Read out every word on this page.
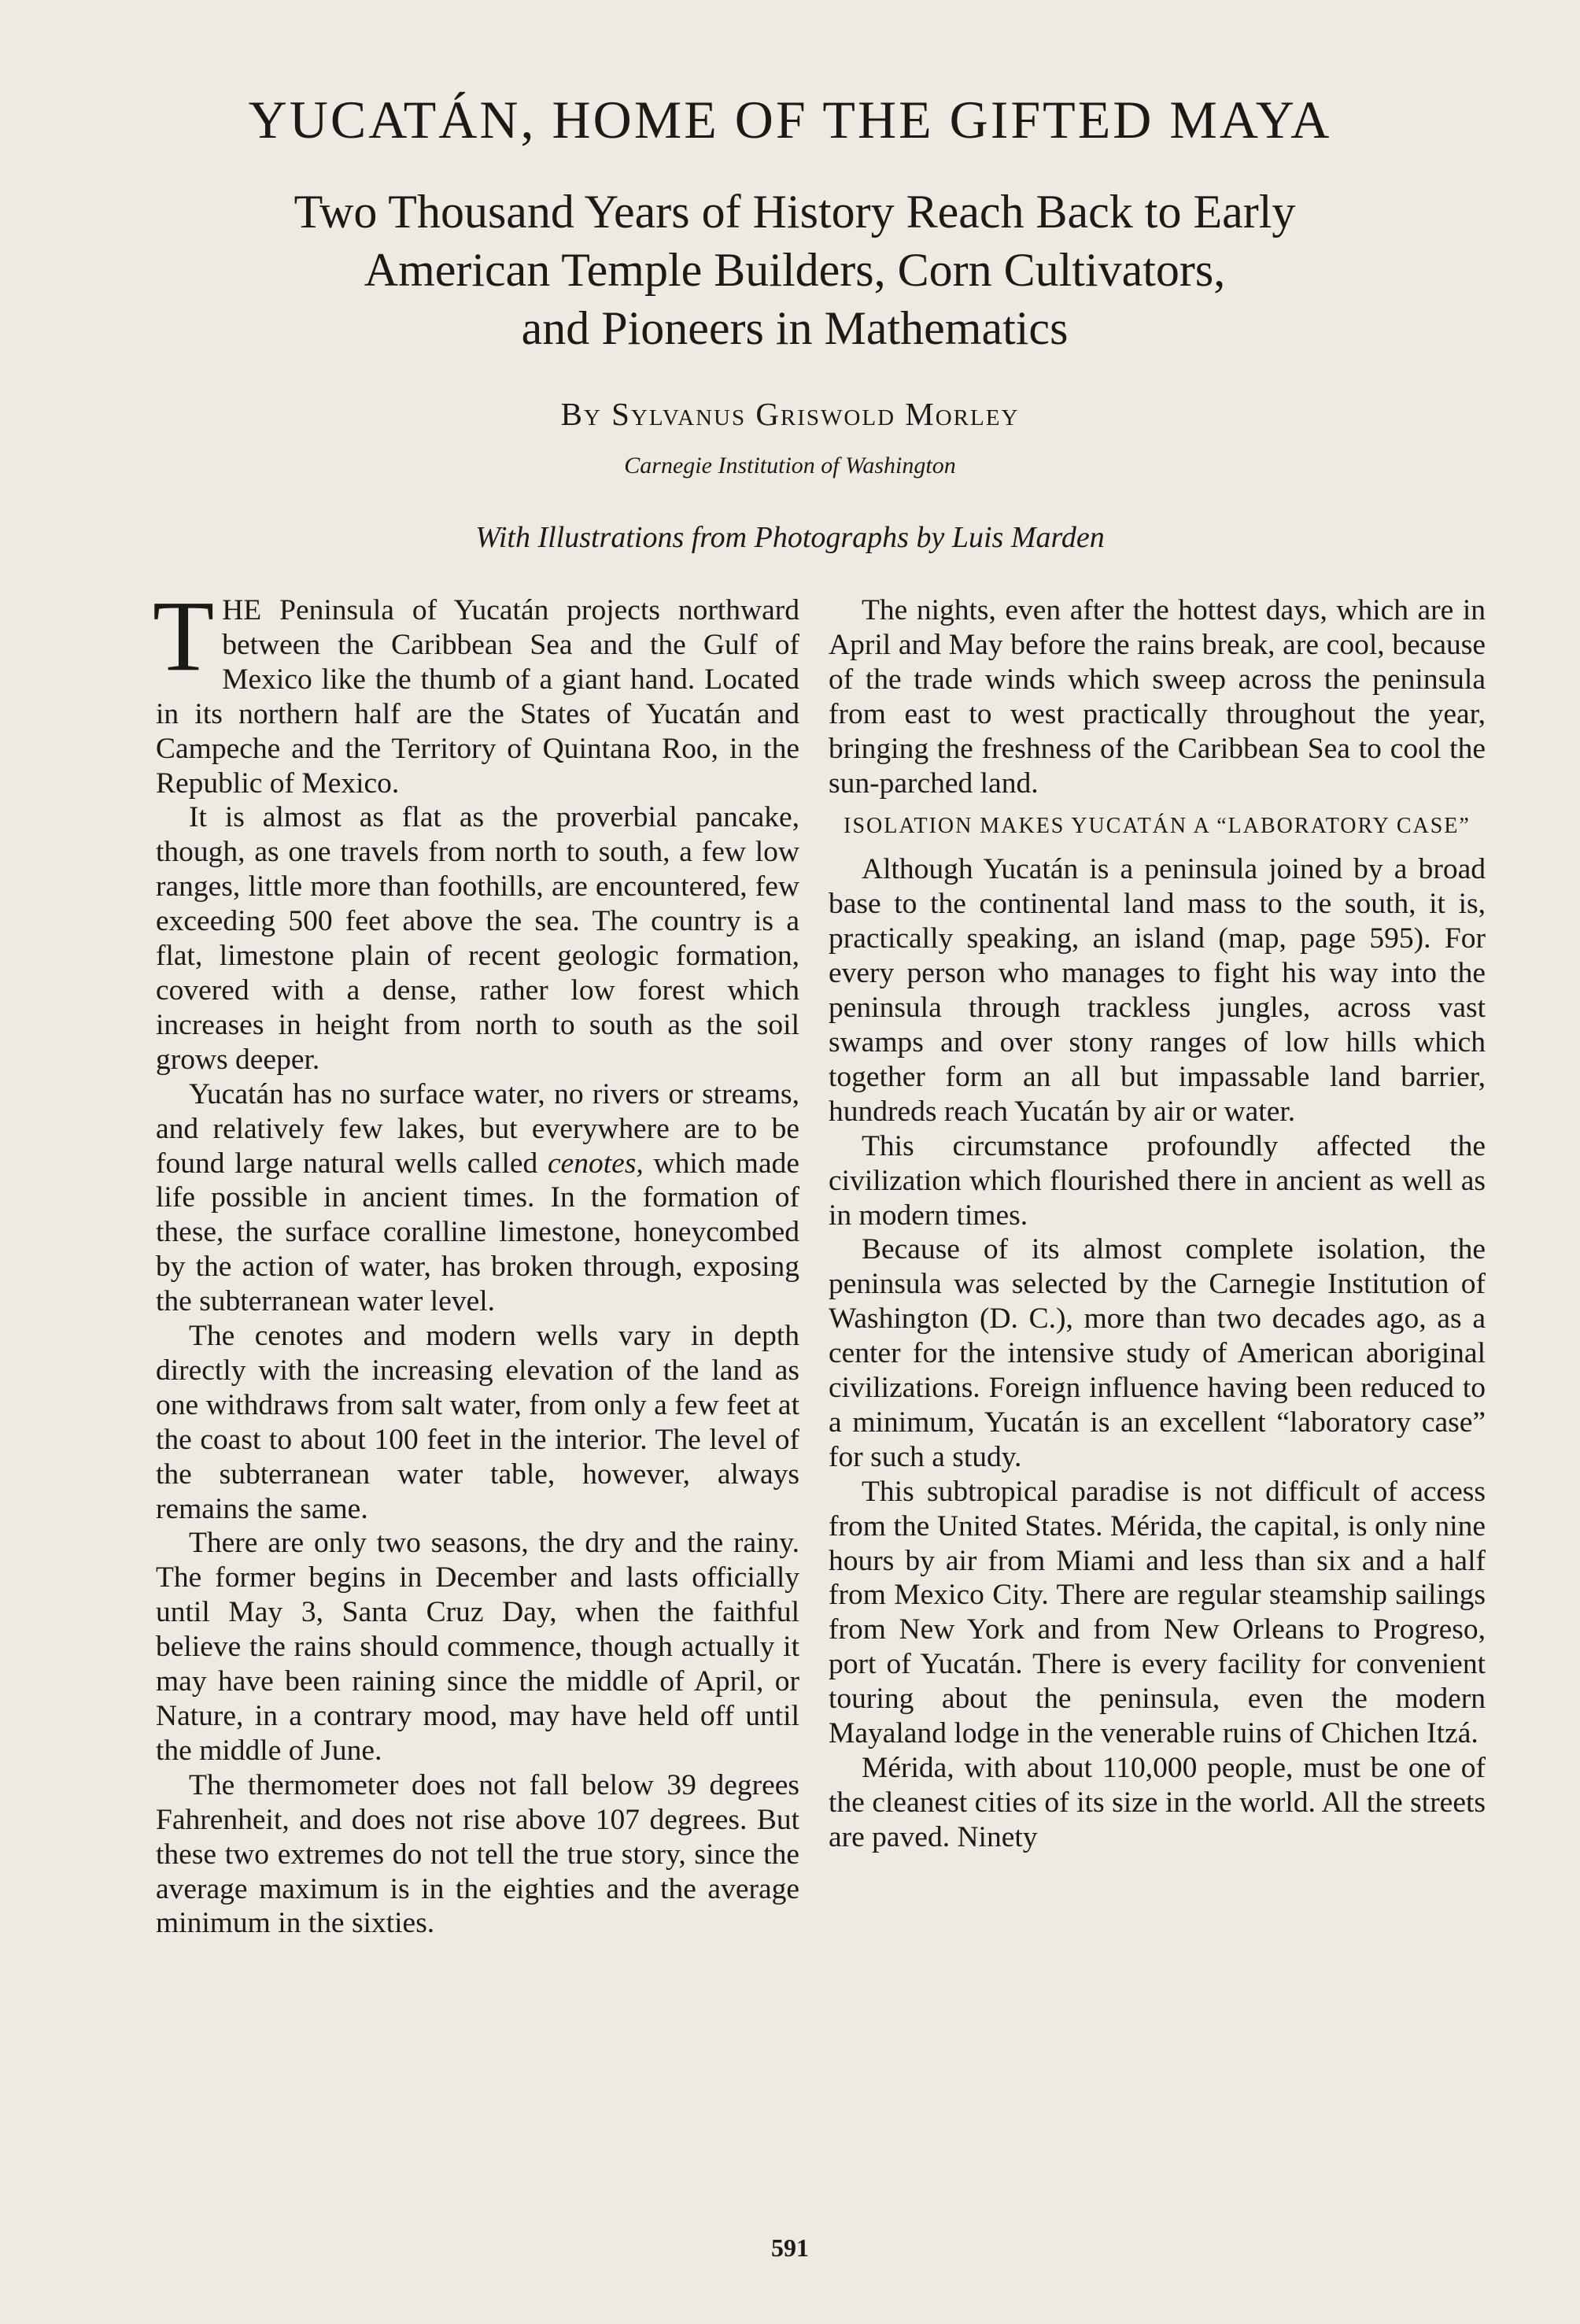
YUCATÁN, HOME OF THE GIFTED MAYA
Two Thousand Years of History Reach Back to Early
American Temple Builders, Corn Cultivators,
and Pioneers in Mathematics
By Sylvanus Griswold Morley
Carnegie Institution of Washington
With Illustrations from Photographs by Luis Marden

THE Peninsula of Yucatán projects northward between the Caribbean Sea and the Gulf of Mexico like the thumb of a giant hand. Located in its northern half are the States of Yucatán and Campeche and the Territory of Quintana Roo, in the Republic of Mexico.

It is almost as flat as the proverbial pancake, though, as one travels from north to south, a few low ranges, little more than foothills, are encountered, few exceeding 500 feet above the sea. The country is a flat, limestone plain of recent geologic formation, covered with a dense, rather low forest which increases in height from north to south as the soil grows deeper.

Yucatán has no surface water, no rivers or streams, and relatively few lakes, but everywhere are to be found large natural wells called cenotes, which made life possible in ancient times. In the formation of these, the surface coralline limestone, honeycombed by the action of water, has broken through, exposing the subterranean water level.

The cenotes and modern wells vary in depth directly with the increasing elevation of the land as one withdraws from salt water, from only a few feet at the coast to about 100 feet in the interior. The level of the subterranean water table, however, always remains the same.

There are only two seasons, the dry and the rainy. The former begins in December and lasts officially until May 3, Santa Cruz Day, when the faithful believe the rains should commence, though actually it may have been raining since the middle of April, or Nature, in a contrary mood, may have held off until the middle of June.

The thermometer does not fall below 39 degrees Fahrenheit, and does not rise above 107 degrees. But these two extremes do not tell the true story, since the average maximum is in the eighties and the average minimum in the sixties.

The nights, even after the hottest days, which are in April and May before the rains break, are cool, because of the trade winds which sweep across the peninsula from east to west practically throughout the year, bringing the freshness of the Caribbean Sea to cool the sun-parched land.

ISOLATION MAKES YUCATÁN A “LABORATORY CASE”

Although Yucatán is a peninsula joined by a broad base to the continental land mass to the south, it is, practically speaking, an island (map, page 595). For every person who manages to fight his way into the peninsula through trackless jungles, across vast swamps and over stony ranges of low hills which together form an all but impassable land barrier, hundreds reach Yucatán by air or water.

This circumstance profoundly affected the civilization which flourished there in ancient as well as in modern times.

Because of its almost complete isolation, the peninsula was selected by the Carnegie Institution of Washington (D. C.), more than two decades ago, as a center for the intensive study of American aboriginal civilizations. Foreign influence having been reduced to a minimum, Yucatán is an excellent “laboratory case” for such a study.

This subtropical paradise is not difficult of access from the United States. Mérida, the capital, is only nine hours by air from Miami and less than six and a half from Mexico City. There are regular steamship sailings from New York and from New Orleans to Progreso, port of Yucatán. There is every facility for convenient touring about the peninsula, even the modern Mayaland lodge in the venerable ruins of Chichen Itzá.

Mérida, with about 110,000 people, must be one of the cleanest cities of its size in the world. All the streets are paved. Ninety

591
